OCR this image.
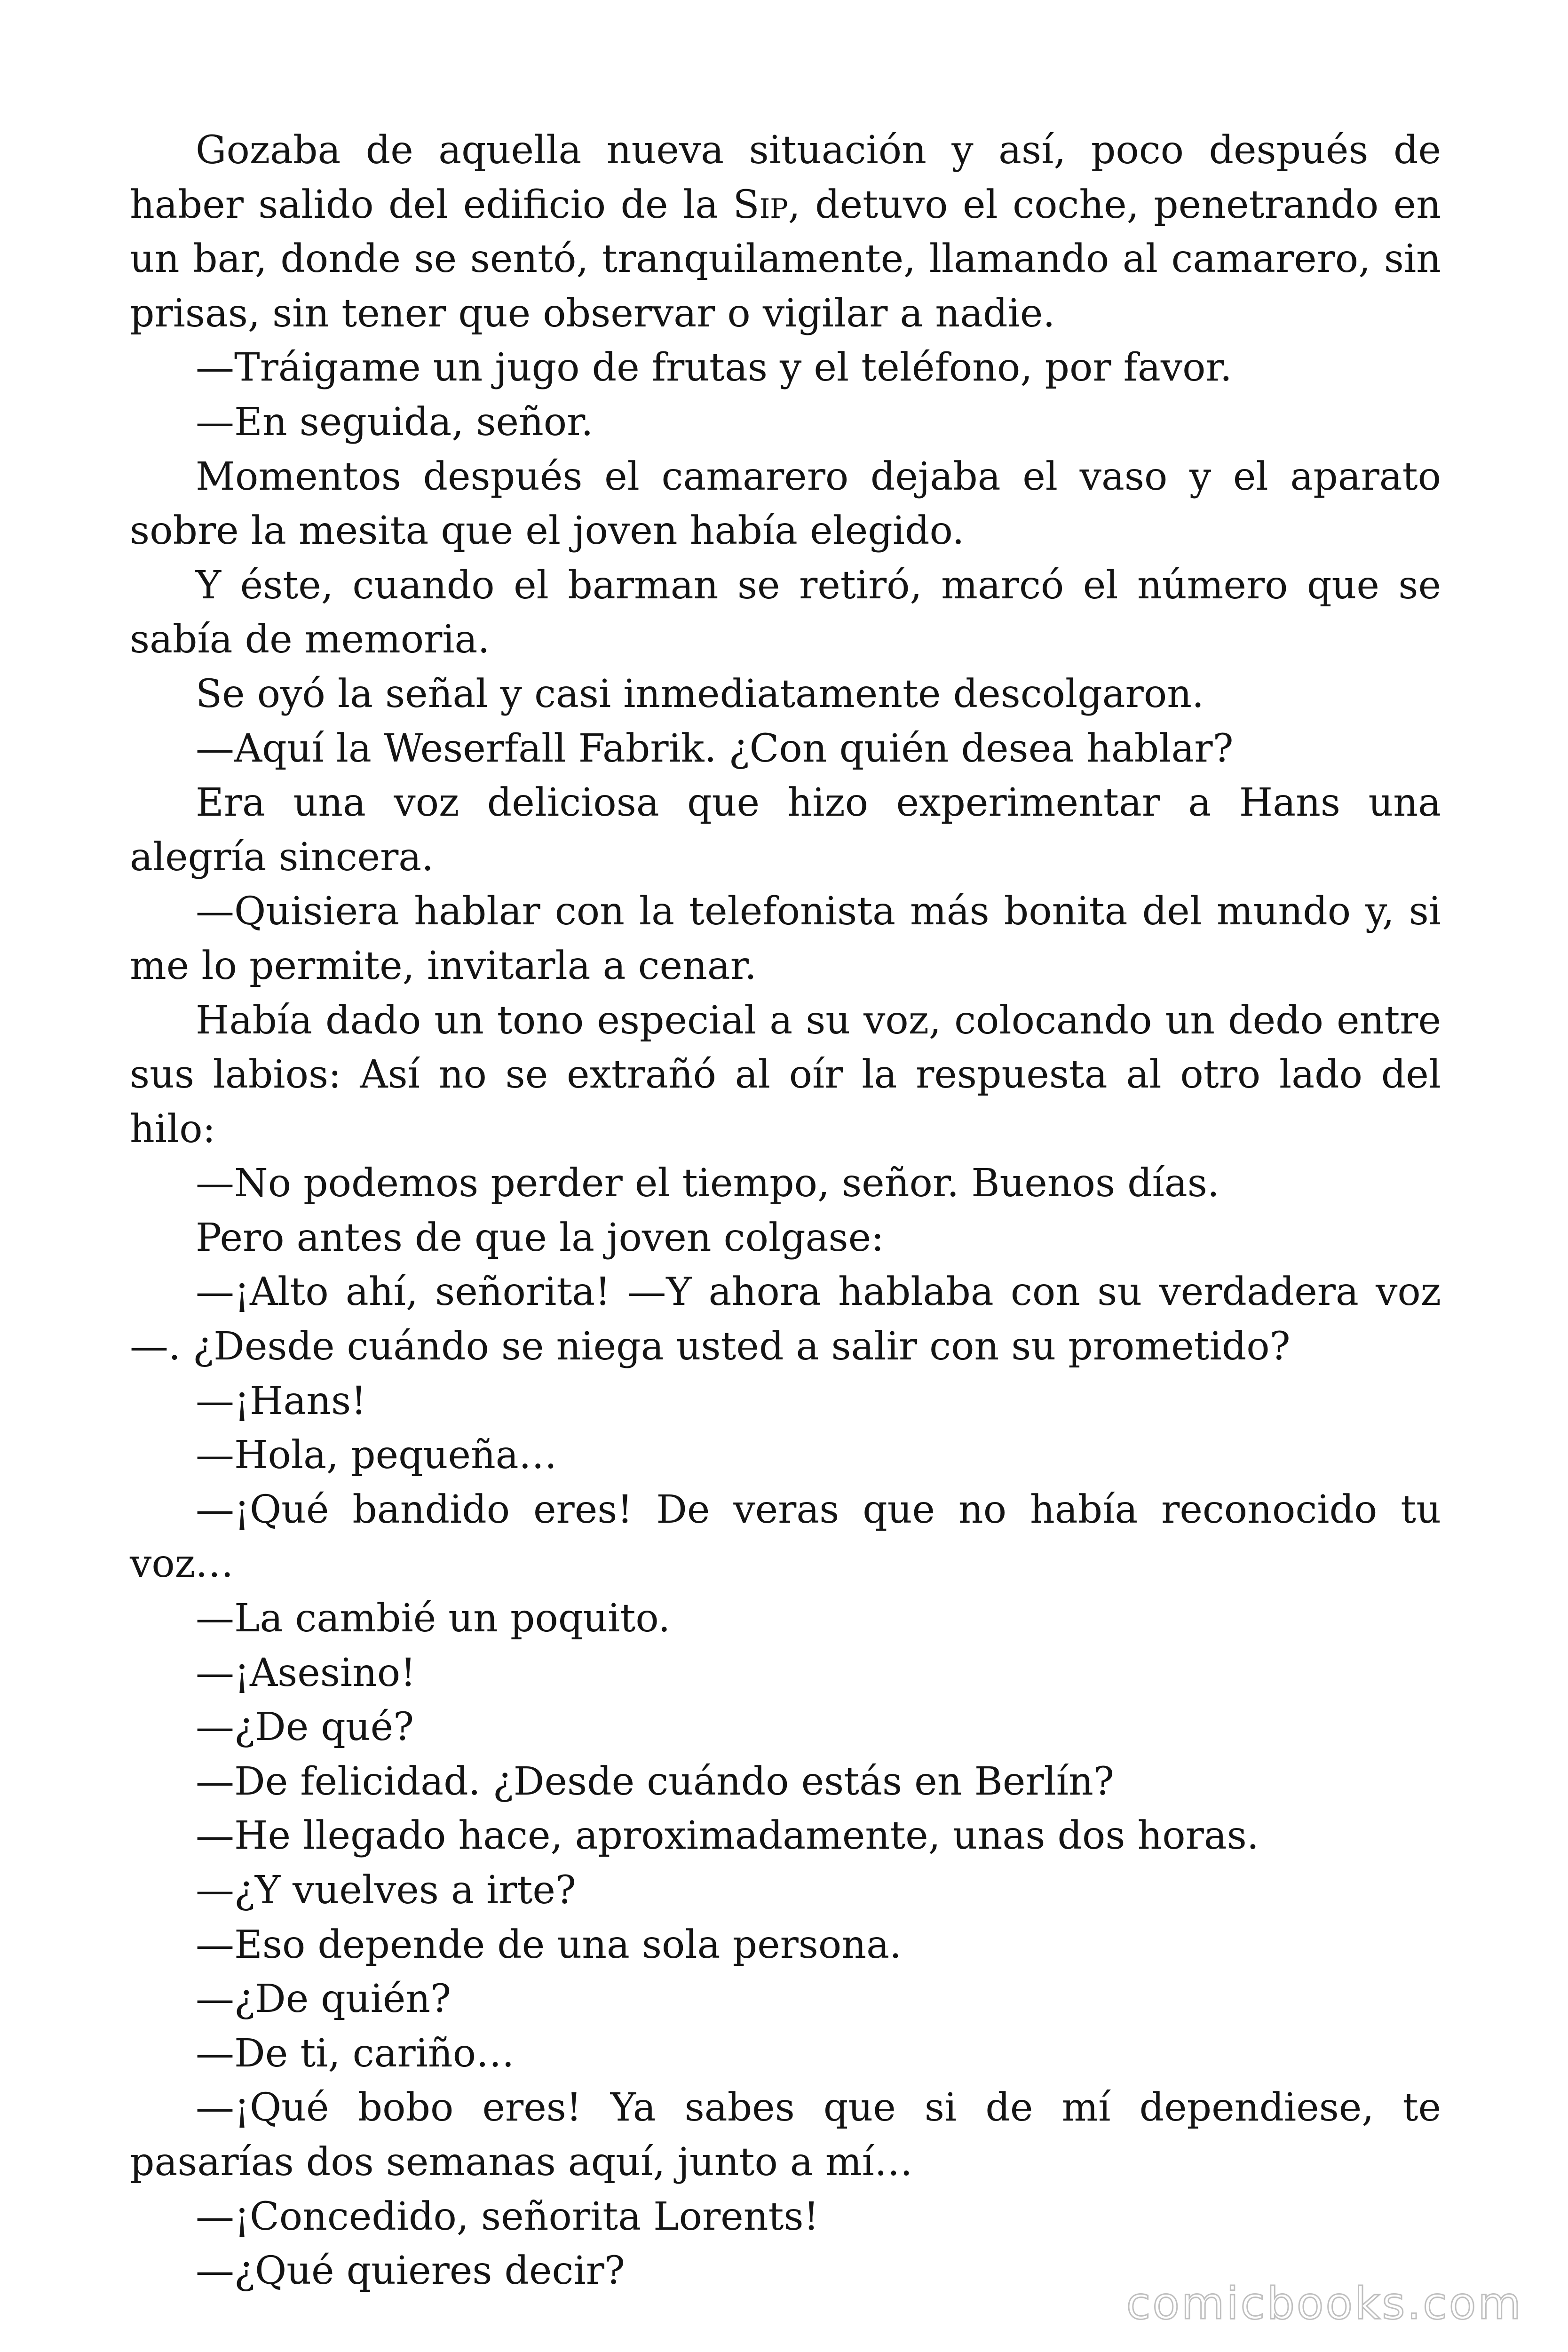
Gozaba de aquella nueva situación y así, poco después de haber salido del edificio de la Sip, detuvo el coche, penetrando en un bar, donde se sentó, tranquilamente, llamando al camarero, sin prisas, sin tener que observar o vigilar a nadie.

—Tráigame un jugo de frutas y el teléfono, por favor.

—En seguida, señor.

Momentos después el camarero dejaba el vaso y el aparato sobre la mesita que el joven había elegido.

Y éste, cuando el barman se retiró, marcó el número que se sabía de memoria.

Se oyó la señal y casi inmediatamente descolgaron.

—Aquí la Weserfall Fabrik. ¿Con quién desea hablar?

Era una voz deliciosa que hizo experimentar a Hans una alegría sincera.

—Quisiera hablar con la telefonista más bonita del mundo y, si me lo permite, invitarla a cenar.

Había dado un tono especial a su voz, colocando un dedo entre sus labios: Así no se extrañó al oír la respuesta al otro lado del hilo:

—No podemos perder el tiempo, señor. Buenos días.

Pero antes de que la joven colgase:

—¡Alto ahí, señorita! —Y ahora hablaba con su verdadera voz—. ¿Desde cuándo se niega usted a salir con su prometido?

—¡Hans!

—Hola, pequeña…

—¡Qué bandido eres! De veras que no había reconocido tu voz…

—La cambié un poquito.

—¡Asesino!

—¿De qué?

—De felicidad. ¿Desde cuándo estás en Berlín?

—He llegado hace, aproximadamente, unas dos horas.

—¿Y vuelves a irte?

—Eso depende de una sola persona.

—¿De quién?

—De ti, cariño…

—¡Qué bobo eres! Ya sabes que si de mí dependiese, te pasarías dos semanas aquí, junto a mí…

—¡Concedido, señorita Lorents!

—¿Qué quieres decir?

comicbooks.com
